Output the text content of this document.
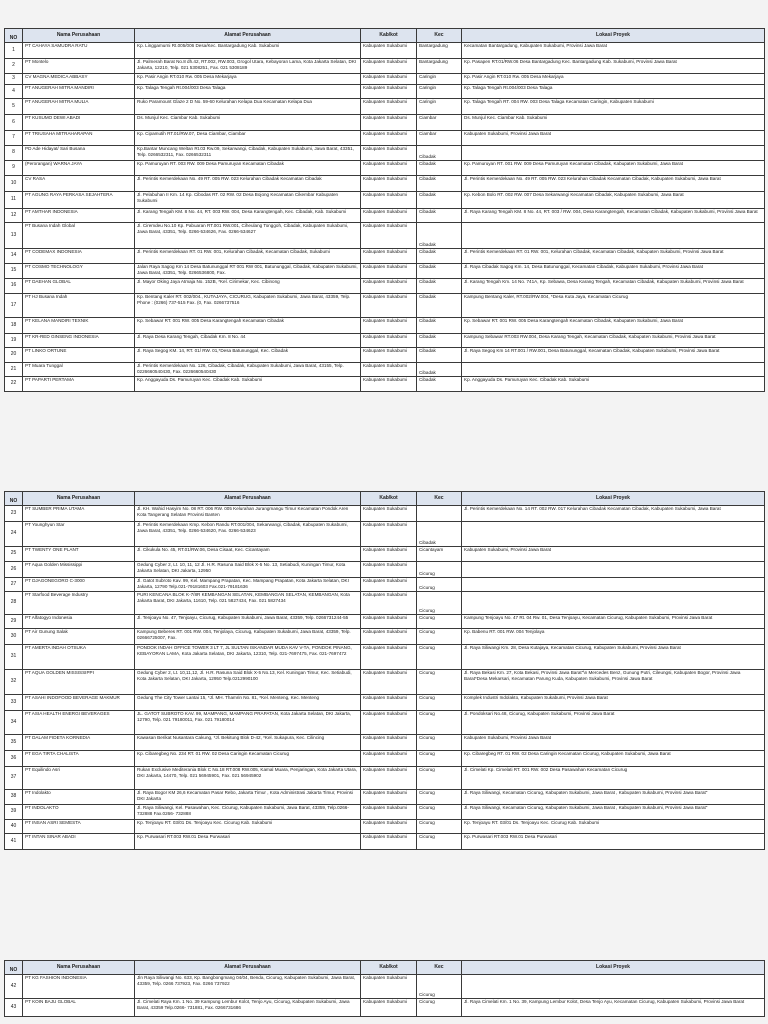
NO	Nama Perusahaan	Alamat Perusahaan	Kab/kot	Kec	Lokasi Proyek
1	PT CAHAYA SAMUDRA RATU	Kp. Linggamurni Rt.005/006 Desa/Kec. Bantargadung Kab. Sukabumi	Kabupaten Sukabumi	Bantargadung	Kecamatan Bantargadung, Kabupaten Sukabumi, Provinsi Jawa Barat
2	PT Montelo	Jl. Palmerah Barat No.8 dh.42, RT.002, RW.003, Grogol Utara, Kebayoran Lama, Kota Jakarta Selatan, DKI Jakarta, 12210, Telp. 021 5308251, Fax. 021 5308189	Kabupaten Sukabumi	Bantargadung	Kp. Pasapen RT.01/RW.06 Desa Bantargadung Kec. Bantargadung Kab. Sukabumi, Provinsi Jawa Barat
3	CV MAGNA MEDICA ABBASY	Kp. Pasir Angin RT.010 Rw. 005 Desa Mekarjaya	Kabupaten Sukabumi	Caringin	Kp. Pasir Angin RT.010 Rw. 005 Desa Mekarjaya
4	PT ANUGERAH MITRA MANDIRI	Kp. Talaga Tengah Rt.004/003 Desa Talaga	Kabupaten Sukabumi	Caringin	Kp. Talaga Tengah Rt.004/003 Desa Talaga
5	PT ANUGERAH MITRA MULIA	Ruko Paramount Glaze 2 D No. 59-60 Kelurahan Kelapa Dua Kecamatan Kelapa Dua	Kabupaten Sukabumi	Caringin	Kp. Talaga Tengah RT. 004 RW. 003 Desa Talaga Kecamatan Caringin, Kabupaten Sukabumi
6	PT KUSUMO DEWI ABADI	Ds. Munjul Kec. Ciambar Kab. Sukabumi	Kabupaten Sukabumi	Ciambar	Ds. Munjul Kec. Ciambar Kab. Sukabumi
7	PT TRIUSAHA MITRAHARAPAN	Kp. Cipamutih RT.01/RW.07, Desa Ciambar, Ciambar	Kabupaten Sukabumi	Ciambar	Kabupaten Sukabumi, Provinsi Jawa Barat
8	PD Ade Hidayat/ Sari Busana	Kp.Bantar Muncang Weltan Rt.03 Rw.09, Sekarwangi, Cibadak, Kabupaten Sukabumi, Jawa Barat, 43351, Telp. 0266532311, Fax. 0266532311	Kabupaten Sukabumi	Cibadak	
9	(Perorangan) WARNA JAYA	Kp. Pamuruyan RT. 003 RW. 009 Desa Pamuruyan Kecamatan Cibadak	Kabupaten Sukabumi	Cibadak	Kp. Pamuruyan RT. 001 RW. 009 Desa Pamuruyan Kecamatan Cibadak, Kabupaten Sukabumi, Jawa Barat
10	CV RASA	Jl. Perintis Kemerdekaan No. 49 RT. 005 RW. 023 Kelurahan Cibadak Kecamatan Cibadak	Kabupaten Sukabumi	Cibadak	Jl. Perintis Kemerdekaan No. 49 RT. 005 RW. 023 Kelurahan Cibadak Kecamatan Cibadak, Kabupaten Sukabumi, Jawa Barat
11	PT AGUNG RAYA PERKASA SEJAHTERA	Jl. Pelabuhan II Km. 14 Kp. Cibodas RT. 02 RW. 02 Desa Bojong Kecamatan Cikembar Kabupaten Sukabumi	Kabupaten Sukabumi	Cibadak	Kp. Kebon Bolo RT. 002 RW. 007 Desa Sekarwangi Kecamatan Cibadak, Kabupaten Sukabumi, Jawa Barat
12	PT AMTHAR INDONESIA	Jl. Karang Tengah KM. 8 No. 44, RT. 003 RW. 004, Desa Karangtengah, Kec. Cibadak, Kab. Sukabumi	Kabupaten Sukabumi	Cibadak	Jl. Raya Karang Tengah KM. 8 No. 44, RT. 003 / RW. 004, Desa Karangtengah, Kecamatan Cibadak, Kabupaten Sukabumi, Provinsi Jawa Barat
13	PT Busana Indah Global	Jl. Ciremdeu No.10 Kp. Pabuaran RT.001 RW.001, Ciheulang Tonggoh, Cibadak, Kabupaten Sukabumi, Jawa Barat, 43351, Telp. 0266-534626, Fax. 0266-534627	Kabupaten Sukabumi	Cibadak	
14	PT CODEMAX INDONESIA	Jl. Perintis Kemerdekaan RT. 01 RW. 001, Kelurahan Cibadak, Kecamatan Cibadak, Sukabumi	Kabupaten Sukabumi	Cibadak	Jl. Perintis Kemerdekaan RT. 01 RW. 001, Kelurahan Cibadak, Kecamatan Cibadak, Kabupaten Sukabumi, Provinsi Jawa Barat
15	PT COSMO TECHNOLOGY	Jalan Raya Sagog Km 14 Desa Batununggal RT 001 RW 001, Batununggal, Cibadak, Kabupaten Sukabumi, Jawa Barat, 43351, Telp. 0266536800, Fax.	Kabupaten Sukabumi	Cibadak	Jl. Raya Cibadak Sagog Km. 14, Desa Batununggal, Kecamatan Cibadak, Kabupaten Sukabumi, Provinsi Jawa Barat
16	PT DAEHAN GLOBAL	Jl. Mayor Oking Jaya Atmaja No. 152B, *Kel. Cirimekar, Kec. Cibinong	Kabupaten Sukabumi	Cibadak	Jl. Karang Tengah Km. 14 No. 741A, Kp. Sebawa, Desa Karang Tengah, Kecamatan Cibadak, Kabupaten Sukabumi, Provinsi Jawa Barat
17	PT HJ Busana Indah	Kp. Bentang Kaler RT. 002/004., KUTAJAYA, CICURUG, Kabupaten Sukabumi, Jawa Barat, 43359, Telp. Phone : (0266) 737-515 Fax. (0, Fax. 0266737516	Kabupaten Sukabumi	Cibadak	Kampung Bentang Kaler, RT.002/RW.004, *Desa Kuta Jaya, Kecamatan Cicurug
18	PT KELANA MANDIRI TEXNIK	Kp. Sebawar RT. 001 RW. 005 Desa Karangtengah Kecamatan Cibadak	Kabupaten Sukabumi	Cibadak	Kp. Sebawar RT. 001 RW. 005 Desa Karangtengah Kecamatan Cibadak, Kabupaten Sukabumi, Jawa Barat
19	PT KR-RED GINSENG INDONESIA	Jl. Raya Desa Karang Tengah, Cibadak Km. 8 No. 44	Kabupaten Sukabumi	Cibadak	Kampung Sebawar RT.003 RW.004, Desa Karang Tengah, Kecamatan Cibadak, Kabupaten Sukabumi, Provinsi Jawa Barat
20	PT LINKO ORTUNE	Jl. Raya Segog KM. 14, RT. 01/ RW. 01,*Desa Batununggal, Kec. Cibadak	Kabupaten Sukabumi	Cibadak	Jl. Raya Segog Km 14 RT.001 / RW.001, Desa Batununggal, Kecamatan Cibadak, Kabupaten Sukabumi, Provinsi Jawa Barat
21	PT Muara Tunggal	Jl. Perintis Kemerdekaan No. 126, Cibadak, Cibadak, Kabupaten Sukabumi, Jawa Barat, 43155, Telp. 0226660540430, Fax. 0226660540430	Kabupaten Sukabumi	Cibadak	
22	PT PAPARTI PERTAMA	Kp. Anggayuda Ds. Pamuruyan Kec. Cibadak Kab. Sukabumi	Kabupaten Sukabumi	Cibadak	Kp. Anggayuda Ds. Pamuruyan Kec. Cibadak Kab. Sukabumi
NO	Nama Perusahaan	Alamat Perusahaan	Kab/kot	Kec	Lokasi Proyek
23	PT SUMBER PRIMA UTAMA	Jl. KH. Wahid Hasyim No. 08 RT. 006 RW. 005 Kelurahan Jurangmangu Timur Kecamatan Pondok Aren Kota Tangerang Selatan Provinsi Banten	Kabupaten Sukabumi		Jl. Perintis Kemerdekaan No. 14 RT. 002 RW. 017 Kelurahan Cibadak Kecamatan Cibadak, Kabupaten Sukabumi, Jawa Barat
24	PT Younghyun Star	Jl. Perintis Kemerdekaan Kmp. Kebon Randu RT.001/004, Sekarwangi, Cibadak, Kabupaten Sukabumi, Jawa Barat, 43351, Telp. 0266-534620, Fax. 0266-534623	Kabupaten Sukabumi	Cibadak	
25	PT TWENTY ONE PLANT	Jl. Cikukula No. 45, RT.01/RW.06, Desa Cisaat, Kec. Cicantayam	Kabupaten Sukabumi	Cicantayam	Kabupaten Sukabumi, Provinsi Jawa Barat
26	PT Aqua Golden Mississippi	Gedung Cyber 2, Lt. 10, 11, 12 Jl. H.R. Rasuna Said Blok X-5 No. 13, Setiabudi, Kuningan Timur, Kota Jakarta Selatan, DKI Jakarta, 12950	Kabupaten Sukabumi	Cicurug	
27	PT DJAGONEGORO C-3000	Jl. Gatot Subroto Kav. 99, Kel. Mampang Prapatan, Kec. Mampang Prapatan, Kota Jakarta Selatan, DKI Jakarta, 12790 Telp.021-79181603 Fax.021-79181636	Kabupaten Sukabumi	Cicurug	
28	PT Starfood Beverage Industry	PURI KENCANA BLOK K-7/8R KEMBANGAN SELATAN, KEMBANGAN SELATAN, KEMBANGAN, Kota Jakarta Barat, DKI Jakarta, 11610, Telp. 021 5827434, Fax. 021 5827434	Kabupaten Sukabumi	Cicurug	
29	PT Alfatogyo Indonesia	Jl. Tenjoayu No. 47, Tenjoayu, Cicurug, Kabupaten Sukabumi, Jawa Barat, 43359, Telp. 0266731244-55	Kabupaten Sukabumi	Cicurug	Kampung Tenjoayu No. 47 Rt. 04 Rw. 01, Desa Tenjoayu, Kecamatan Cicurug, Kabupaten Sukabumi, Provinsi Jawa Barat
30	PT Air Gunung Salak	Kampung Beberes RT. 001 RW. 004, Tenjolaya, Cicurug, Kabupaten Sukabumi, Jawa Barat, 43359, Telp. 02666725007, Fax.	Kabupaten Sukabumi	Cicurug	Kp. Babenu RT. 001 RW. 004 Tenjolaya
31	PT AMERTA INDAH OTSUKA	PONDOK INDAH OFFICE TOWER 3 LT 7, JL SULTAN ISKANDAR MUDA KAV V-TA, PONDOK PINANG, KEBAYORAN LAMA, Kota Jakarta Selatan, DKI Jakarta, 12310, Telp. 021-7697475, Fax. 021-7697472	Kabupaten Sukabumi	Cicurug	Jl. Raya Siliwangi Km. 28, Desa Kutajaya, Kecamatan Cicurug, Kabupaten Sukabumi, Provinsi Jawa Barat
32	PT AQUA GOLDEN MISSISSIPPI	Gedung Cyber 2, Lt. 10,11,12, Jl. H.R. Rasuna Said Blok X-5 No.13, Kel. Kuningan Timur, Kec. Setiabudi, Kota Jakarta Selatan, DKI Jakarta, 12950 Telp.0212990100	Kabupaten Sukabumi	Cicurug	Jl. Raya Bekasi Km. 27, Kota Bekasi, Provinsi Jawa Barat"\n Mercedes Benz, Gunung Putri, Cileungsi, Kabupaten Bogor, Provinsi Jawa Barat*Desa Mekarsari, Kecamatan Parung Kuda, Kabupaten Sukabumi, Provinsi Jawa Barat
33	PT ASAHI INDOFOOD BEVERAGE MAKMUR	Gedung The City Tower Lantai 15, *Jl. MH. Thamrin No. 81, *Kel. Menteng, Kec. Menteng	Kabupaten Sukabumi	Cicurug	Komplek Industri Indolakto, Kabupaten Sukabumi, Provinsi Jawa Barat
34	PT ASIA HEALTH ENERGI BEVERAGES	JL. GATOT SUBROTO KAV. 99, MAMPANG, MAMPANG PRAPATAN, Kota Jakarta Selatan, DKI Jakarta, 12790, Telp. 021 79180011, Fax. 021 79180014	Kabupaten Sukabumi	Cicurug	Jl. Pondoksari No.48, Cicurug, Kabupaten Sukabumi, Provinsi Jawa Barat
35	PT DALAM FIDETA KORNEDIA	Kawasan Berikat Nusantara Cakung, *Jl. Bekitung Blok D-42, *Kel. Sukapura, Kec. Cilincing	Kabupaten Sukabumi	Cicurug	Kabupaten Sukabumi, Provinsi Jawa Barat
36	PT EGA TIRTA CHALISTA	Kp. Cibaregbeg No. 234 RT. 01 RW. 02 Desa Caringin Kecamatan Cicurug	Kabupaten Sukabumi	Cicurug	Kp. Cibaregbeg RT. 01 RW. 02 Desa Caringin Kecamatan Cicurug, Kabupaten Sukabumi, Jawa Barat
37	PT Equilindo Asri	Rukan Exclusive Mediterania Blok C No.18 RT.008 RW.005, Kamal Muara, Penjaringan, Kota Jakarta Utara, DKI Jakarta, 14470, Telp. 021 56945901, Fax. 021 56945902	Kabupaten Sukabumi	Cicurug	Jl. Cimelati Kp. Cimelati RT. 001 RW. 002 Desa Pasawahan Kecamatan Cicurug
38	PT Indolakto	Jl. Raya Bogor KM 26,6 Kecamatan Pasar Rebo, Jakarta Timur , Kota Administrasi Jakarta Timur, Provinsi DKI Jakarta	Kabupaten Sukabumi	Cicurug	Jl. Raya Siliwangi, Kecamatan Cicurug, Kabupaten Sukabumi, Jawa Barat , Kabupaten Sukabumi, Provinsi Jawa Barat"
39	PT INDOLAKTO	Jl. Raya Siliwangi, Kel. Pasawahan, Kec. Cicurug, Kabupaten Sukabumi, Jawa Barat, 43359, Telp.0266- 732888 Fax.0266- 732888	Kabupaten Sukabumi	Cicurug	Jl. Raya Siliwangi, Kecamatan Cicurug, Kabupaten Sukabumi, Jawa Barat , Kabupaten Sukabumi, Provinsi Jawa Barat"
40	PT INSAN ASRI SEMESTA	Kp. Tenjoayu RT. 03/01 Ds. Tenjoayu Kec. Cicurug Kab. Sukabumi	Kabupaten Sukabumi	Cicurug	Kp. Tenjoayu RT. 03/01 Ds. Tenjoayu Kec. Cicurug Kab. Sukabumi
41	PT INTAN SINAR ABADI	Kp. Purwasari RT.003 RW.01 Desa Purwasari	Kabupaten Sukabumi	Cicurug	Kp. Purwasari RT.003 RW.01 Desa Purwasari
NO	Nama Perusahaan	Alamat Perusahaan	Kab/kot	Kec	Lokasi Proyek
42	PT KG FASHION INDONESIA	Jln Raya Siliwangi No. 633, Kp. Bangbongmang 04/04, Benda, Cicurug, Kabupaten Sukabumi, Jawa Barat, 43359, Telp. 0266 737923, Fax. 0266 737922	Kabupaten Sukabumi	Cicurug	
43	PT KOIN BAJU GLOBAL	Jl. Cimelati Raya Km. 1 No. 39 Kampung Lembur Kolot, Tenjo Ayu, Cicurug, Kabupaten Sukabumi, Jawa Barat, 43359 Telp.0266- 731881, Fax. 0266731686	Kabupaten Sukabumi	Cicurug	Jl. Raya Cimelati Km. 1 No. 39, Kampung Lembur Kolot, Desa Tenjo Ayu, Kecamatan Cicurug, Kabupaten Sukabumi, Provinsi Jawa Barat
